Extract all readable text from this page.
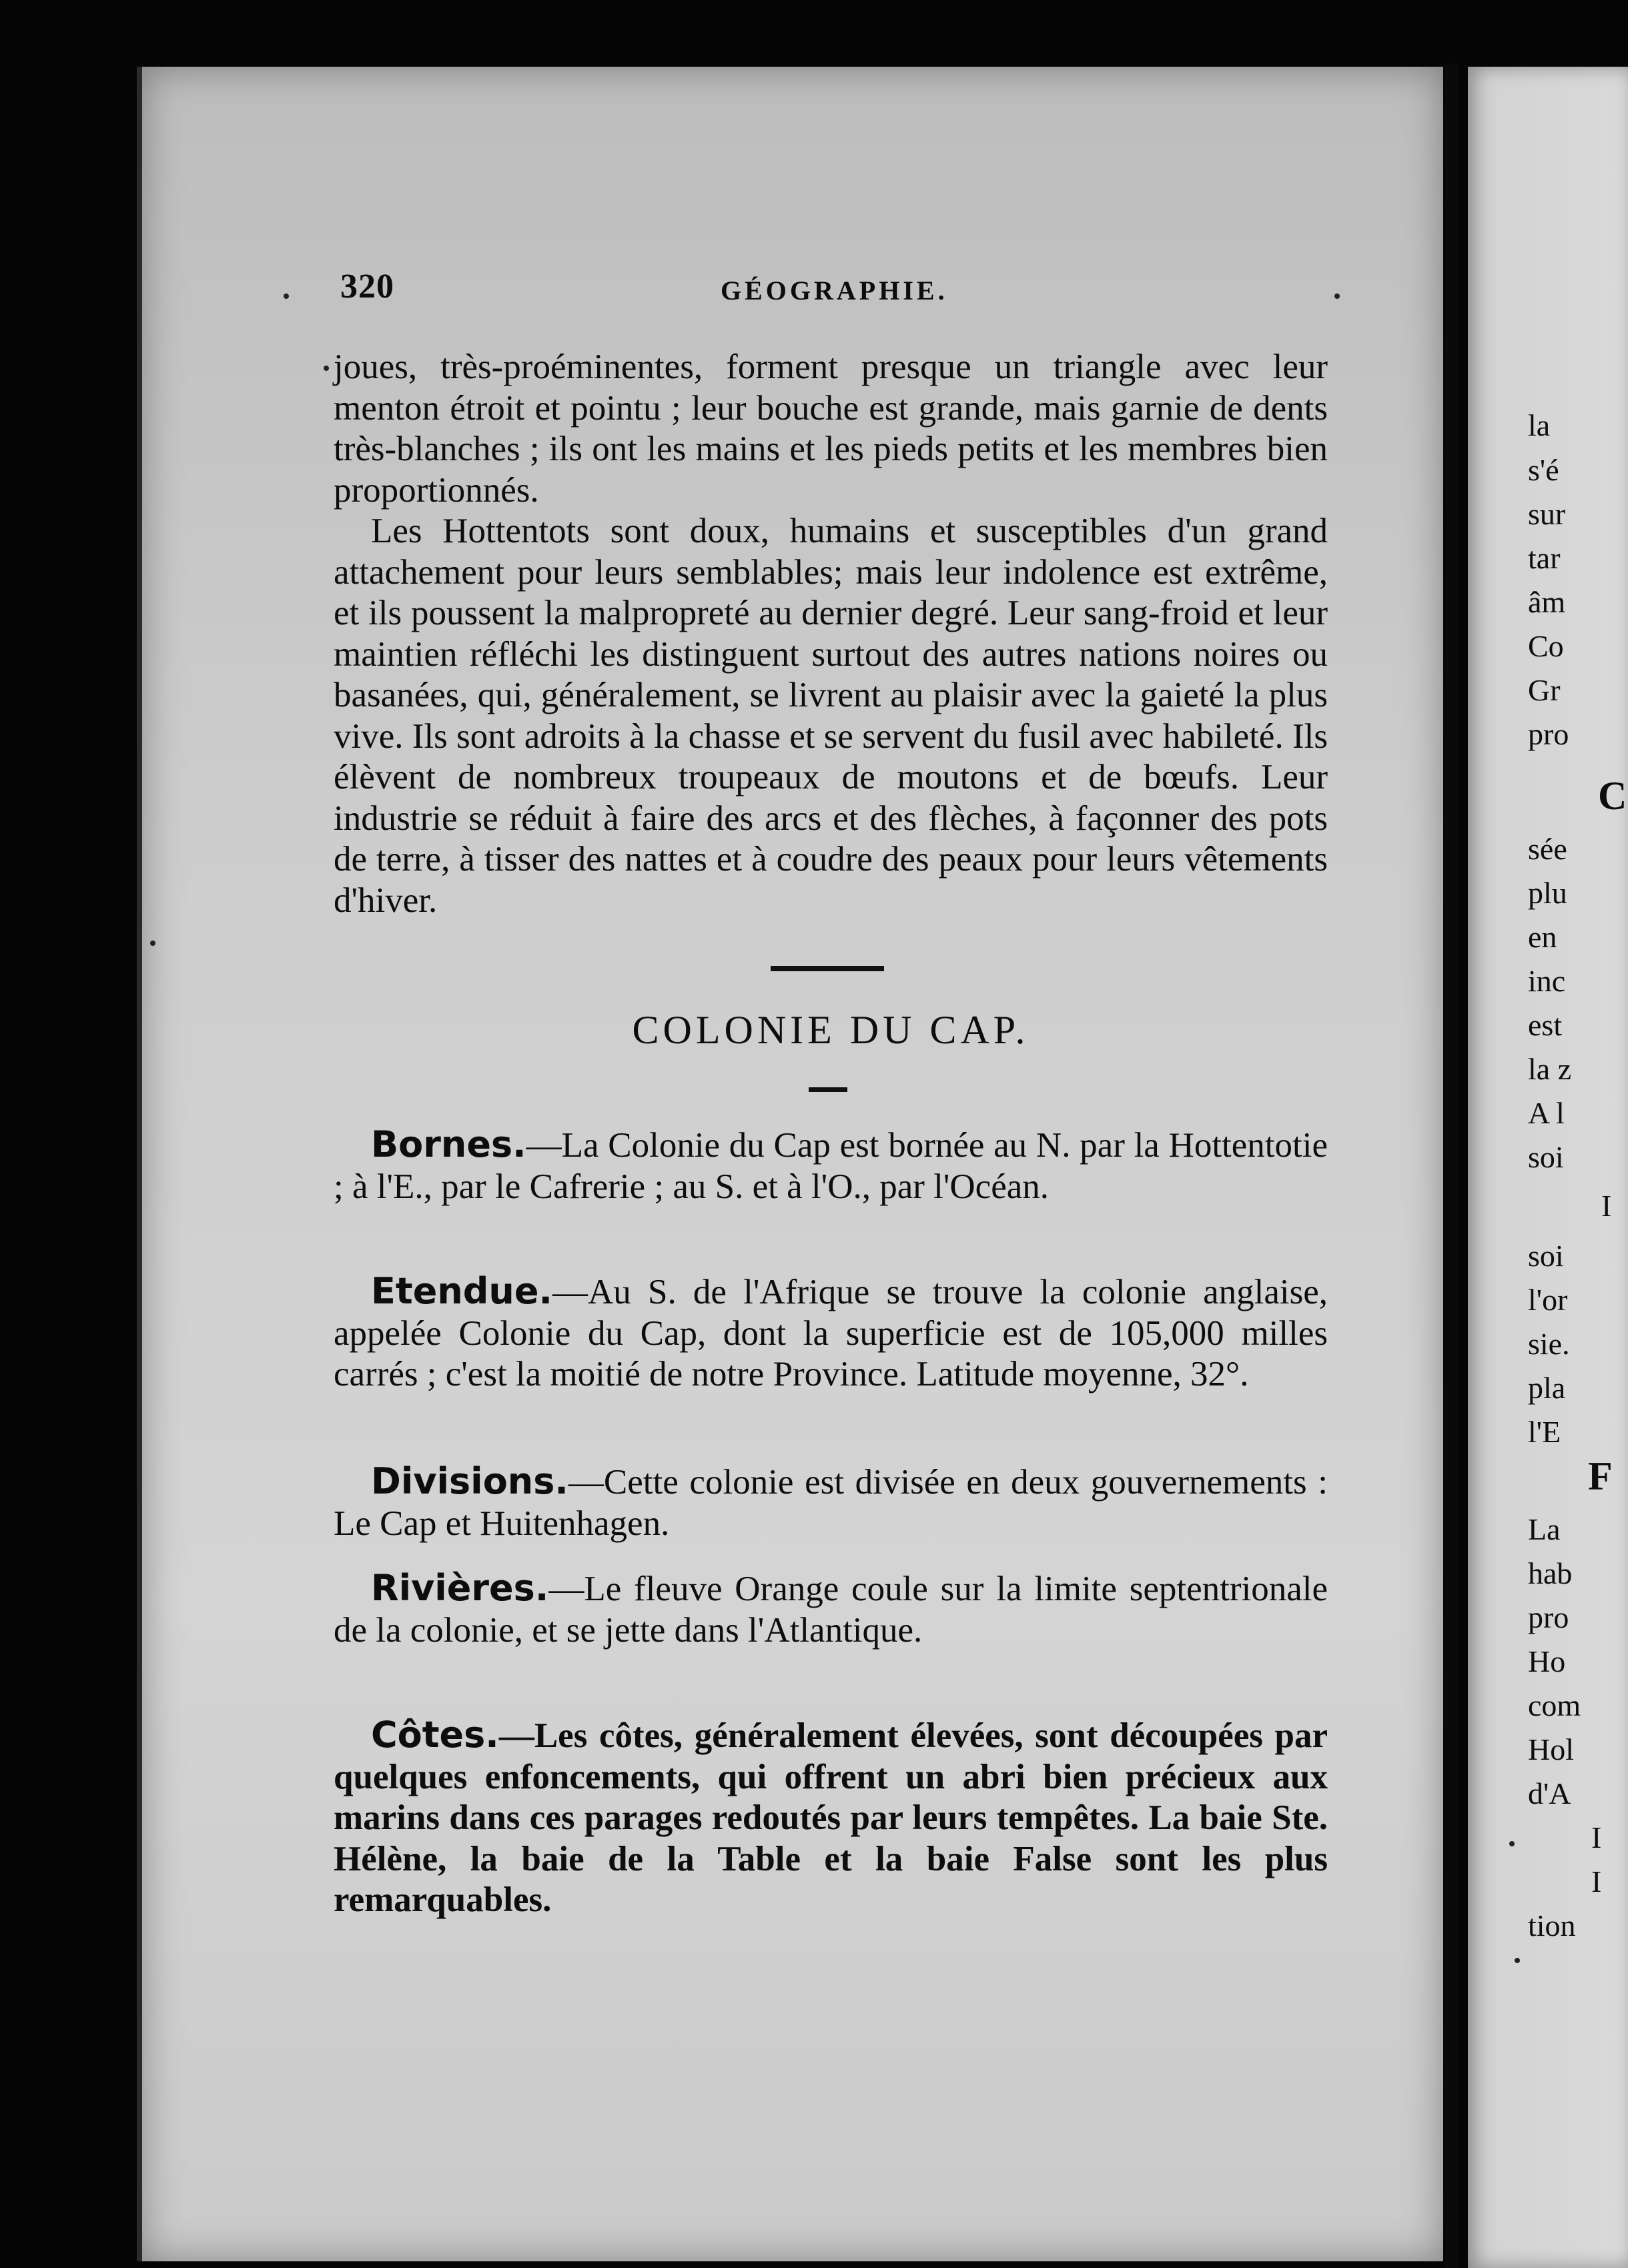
320	GÉOGRAPHIE.

joues, très-proéminentes, forment presque un triangle avec leur menton étroit et pointu ; leur bouche est grande, mais garnie de dents très-blanches ; ils ont les mains et les pieds petits et les membres bien proportionnés.

Les Hottentots sont doux, humains et susceptibles d'un grand attachement pour leurs semblables; mais leur indolence est extrême, et ils poussent la malpropreté au dernier degré. Leur sang-froid et leur maintien réfléchi les distinguent surtout des autres nations noires ou basanées, qui, généralement, se livrent au plaisir avec la gaieté la plus vive. Ils sont adroits à la chasse et se servent du fusil avec habileté. Ils élèvent de nombreux troupeaux de moutons et de bœufs. Leur industrie se réduit à faire des arcs et des flèches, à façonner des pots de terre, à tisser des nattes et à coudre des peaux pour leurs vêtements d'hiver.

COLONIE DU CAP.

Bornes.—La Colonie du Cap est bornée au N. par la Hottentotie ; à l'E., par le Cafrerie ; au S. et à l'O., par l'Océan.

Etendue.—Au S. de l'Afrique se trouve la colonie anglaise, appelée Colonie du Cap, dont la superficie est de 105,000 milles carrés ; c'est la moitié de notre Province. Latitude moyenne, 32°.

Divisions.—Cette colonie est divisée en deux gouvernements : Le Cap et Huitenhagen.

Rivières.—Le fleuve Orange coule sur la limite septentrionale de la colonie, et se jette dans l'Atlantique.

Côtes.—Les côtes, généralement élevées, sont découpées par quelques enfoncements, qui offrent un abri bien précieux aux marins dans ces parages redoutés par leurs tempêtes. La baie Ste. Hélène, la baie de la Table et la baie False sont les plus remarquables.

la
s'é
sur
tar
âm
Co
Gr
pro
C
sée
plu
en
inc
est
la z
A l
soi
I
soi
l'or
sie.
pla
l'E
F
La
hab
pro
Ho
com
Hol
d'A
I
I
tion
